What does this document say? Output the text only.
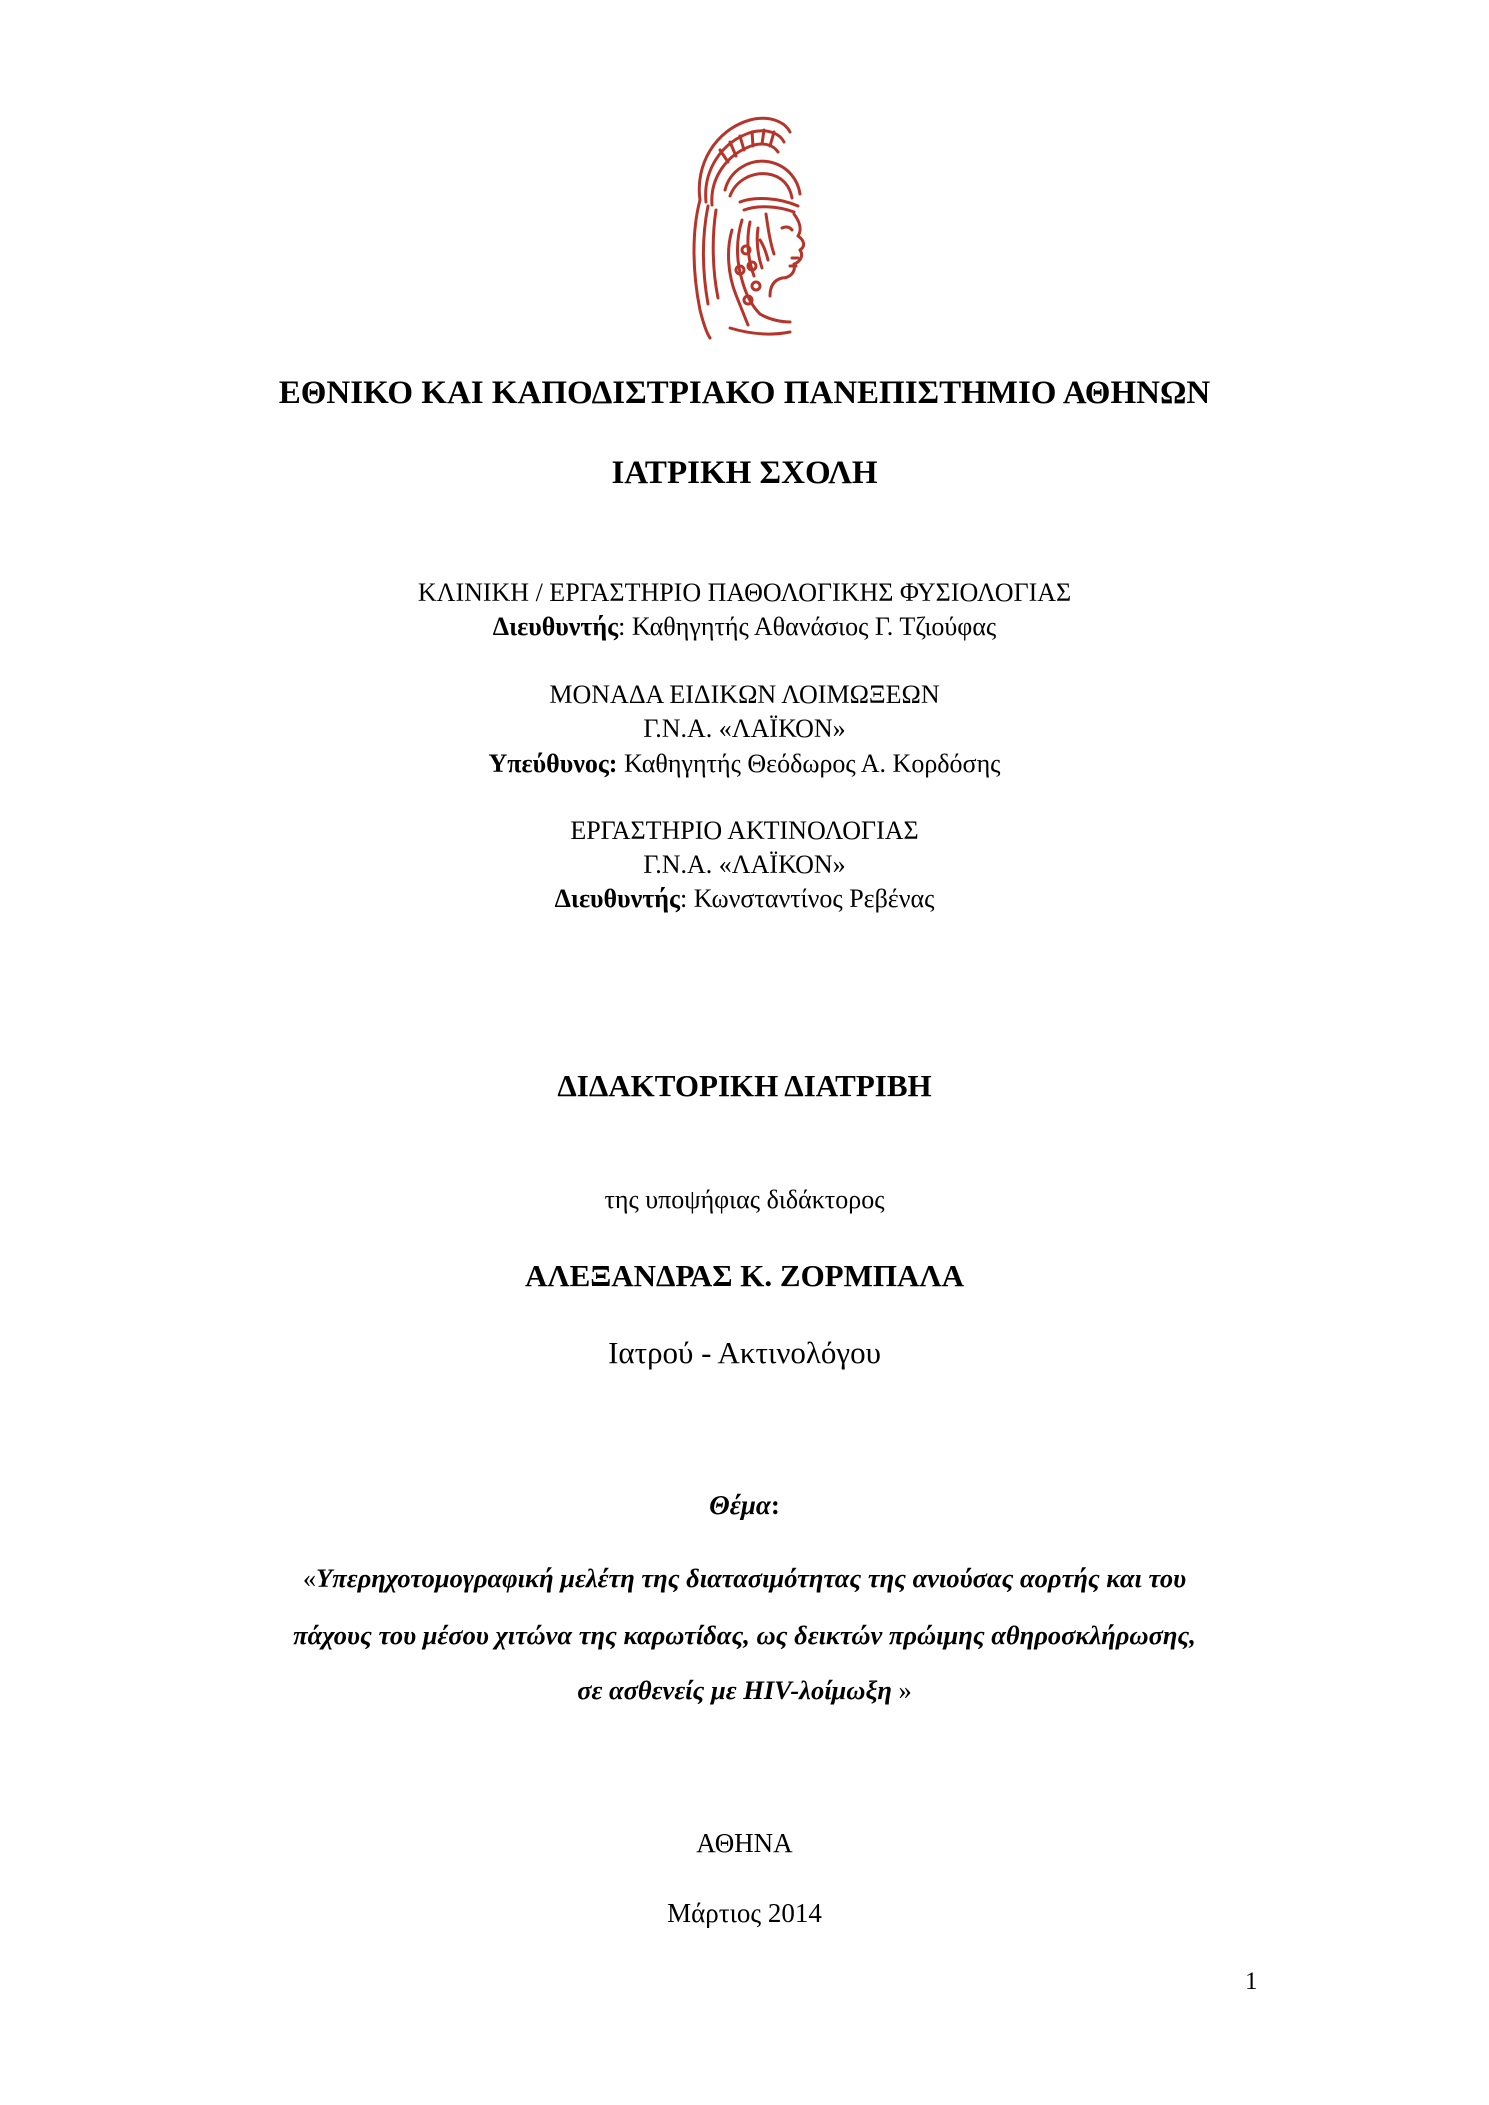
ΕΘΝΙΚΟ ΚΑΙ ΚΑΠΟΔΙΣΤΡΙΑΚΟ ΠΑΝΕΠΙΣΤΗΜΙΟ ΑΘΗΝΩΝ
ΙΑΤΡΙΚΗ ΣΧΟΛΗ
ΚΛΙΝΙΚΗ / ΕΡΓΑΣΤΗΡΙΟ ΠΑΘΟΛΟΓΙΚΗΣ ΦΥΣΙΟΛΟΓΙΑΣ
Διευθυντής: Καθηγητής Αθανάσιος Γ. Τζιούφας
ΜΟΝΑΔΑ ΕΙΔΙΚΩΝ ΛΟΙΜΩΞΕΩΝ
Γ.Ν.Α. «ΛΑΪΚΟΝ»
Υπεύθυνος: Καθηγητής Θεόδωρος Α. Κορδόσης
ΕΡΓΑΣΤΗΡΙΟ ΑΚΤΙΝΟΛΟΓΙΑΣ
Γ.Ν.Α. «ΛΑΪΚΟΝ»
Διευθυντής: Κωνσταντίνος Ρεβένας
ΔΙΔΑΚΤΟΡΙΚΗ ΔΙΑΤΡΙΒΗ
της υποψήφιας διδάκτορος
ΑΛΕΞΑΝΔΡΑΣ Κ. ΖΟΡΜΠΑΛΑ
Ιατρού - Ακτινολόγου
Θέμα:
«Υπερηχοτομογραφική μελέτη της διατασιμότητας της ανιούσας αορτής και του
πάχους του μέσου χιτώνα της καρωτίδας, ως δεικτών πρώιμης αθηροσκλήρωσης,
σε ασθενείς με HIV-λοίμωξη »
ΑΘΗΝΑ
Μάρτιος 2014
1
